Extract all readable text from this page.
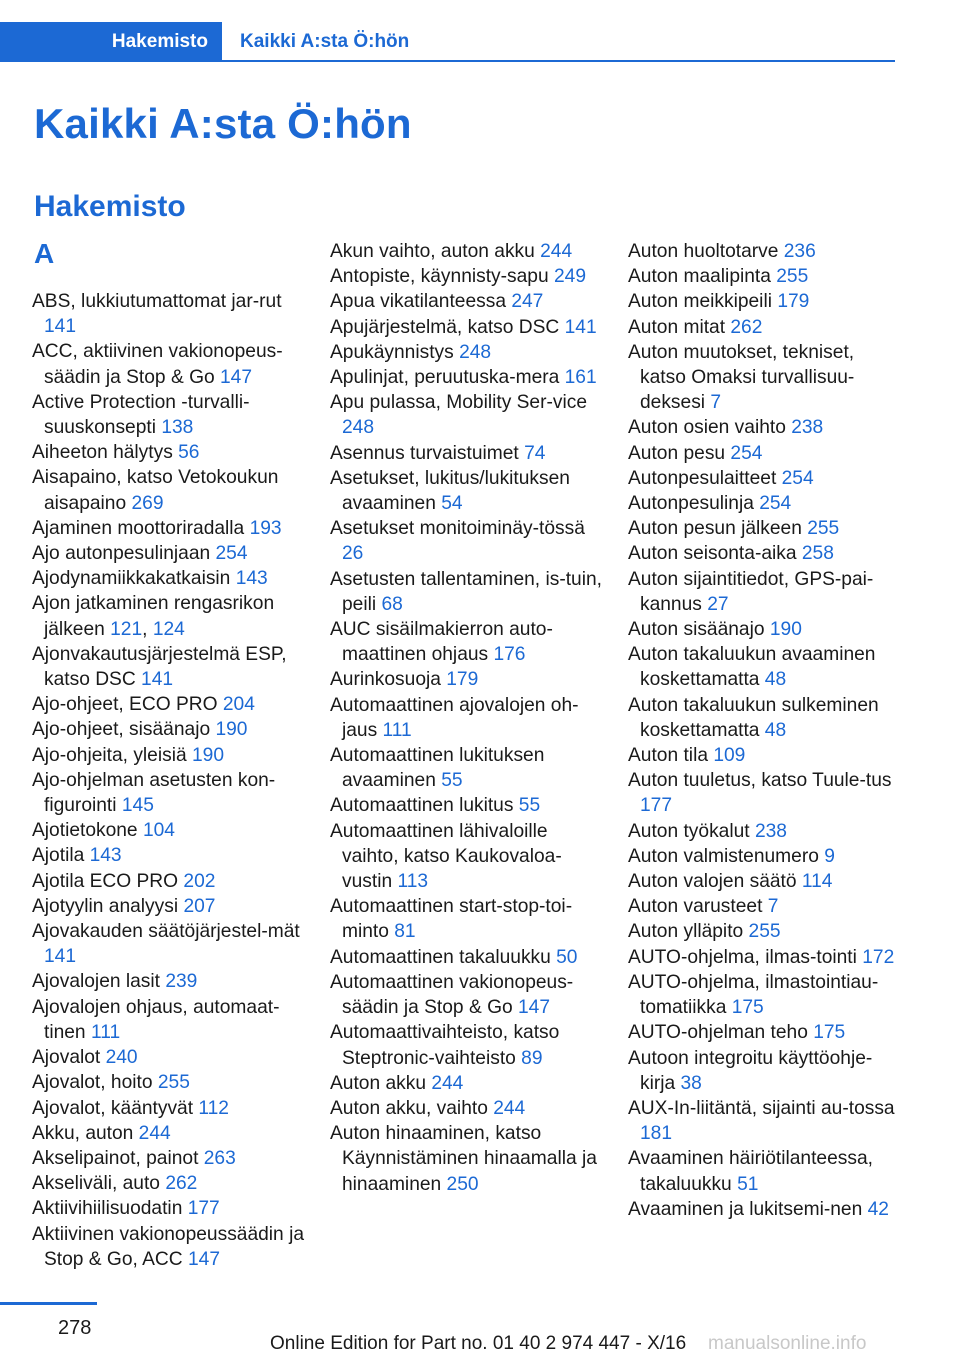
Hakemisto	Kaikki A:sta Ö:hön
Kaikki A:sta Ö:hön
Hakemisto
A

ABS, lukkiutumattomat jar-rut 141

ACC, aktiivinen vakionopeus-säädin ja Stop & Go 147

Active Protection -turvalli-suuskonsepti 138

Aiheeton hälytys 56

Aisapaino, katso Vetokoukun aisapaino 269

Ajaminen moottoriradalla 193

Ajo autonpesulinjaan 254

Ajodynamiikkakatkaisin 143

Ajon jatkaminen rengasrikon jälkeen 121, 124

Ajonvakautusjärjestelmä ESP, katso DSC 141

Ajo-ohjeet, ECO PRO 204

Ajo-ohjeet, sisäänajo 190

Ajo-ohjeita, yleisiä 190

Ajo-ohjelman asetusten kon-figurointi 145

Ajotietokone 104

Ajotila 143

Ajotila ECO PRO 202

Ajotyylin analyysi 207

Ajovakauden säätöjärjestel-mät 141

Ajovalojen lasit 239

Ajovalojen ohjaus, automaat-tinen 111

Ajovalot 240

Ajovalot, hoito 255

Ajovalot, kääntyvät 112

Akku, auton 244

Akselipainot, painot 263

Akseliväli, auto 262

Aktiivihiilisuodatin 177

Aktiivinen vakionopeussäädin ja Stop & Go, ACC 147

Akun vaihto, auton akku 244

Antopiste, käynnisty-sapu 249

Apua vikatilanteessa 247

Apujärjestelmä, katso DSC 141

Apukäynnistys 248

Apulinjat, peruutuska-mera 161

Apu pulassa, Mobility Ser-vice 248

Asennus turvaistuimet 74

Asetukset, lukitus/lukituksen avaaminen 54

Asetukset monitoiminäy-tössä 26

Asetusten tallentaminen, is-tuin, peili 68

AUC sisäilmakierron auto-maattinen ohjaus 176

Aurinkosuoja 179

Automaattinen ajovalojen oh-jaus 111

Automaattinen lukituksen avaaminen 55

Automaattinen lukitus 55

Automaattinen lähivaloille vaihto, katso Kaukovaloa-vustin 113

Automaattinen start-stop-toi-minto 81

Automaattinen takaluukku 50

Automaattinen vakionopeus-säädin ja Stop & Go 147

Automaattivaihteisto, katso Steptronic-vaihteisto 89

Auton akku 244

Auton akku, vaihto 244

Auton hinaaminen, katso Käynnistäminen hinaamalla ja hinaaminen 250

Auton huoltotarve 236

Auton maalipinta 255

Auton meikkipeili 179

Auton mitat 262

Auton muutokset, tekniset, katso Omaksi turvallisuu-deksesi 7

Auton osien vaihto 238

Auton pesu 254

Autonpesulaitteet 254

Autonpesulinja 254

Auton pesun jälkeen 255

Auton seisonta-aika 258

Auton sijaintitiedot, GPS-pai-kannus 27

Auton sisäänajo 190

Auton takaluukun avaaminen koskettamatta 48

Auton takaluukun sulkeminen koskettamatta 48

Auton tila 109

Auton tuuletus, katso Tuule-tus 177

Auton työkalut 238

Auton valmistenumero 9

Auton valojen säätö 114

Auton varusteet 7

Auton ylläpito 255

AUTO-ohjelma, ilmas-tointi 172

AUTO-ohjelma, ilmastointiau-tomatiikka 175

AUTO-ohjelman teho 175

Autoon integroitu käyttöohje-kirja 38

AUX-In-liitäntä, sijainti au-tossa 181

Avaaminen häiriötilanteessa, takaluukku 51

Avaaminen ja lukitsemi-nen 42

278
Online Edition for Part no. 01 40 2 974 447 - X/16 manualsonline.info
